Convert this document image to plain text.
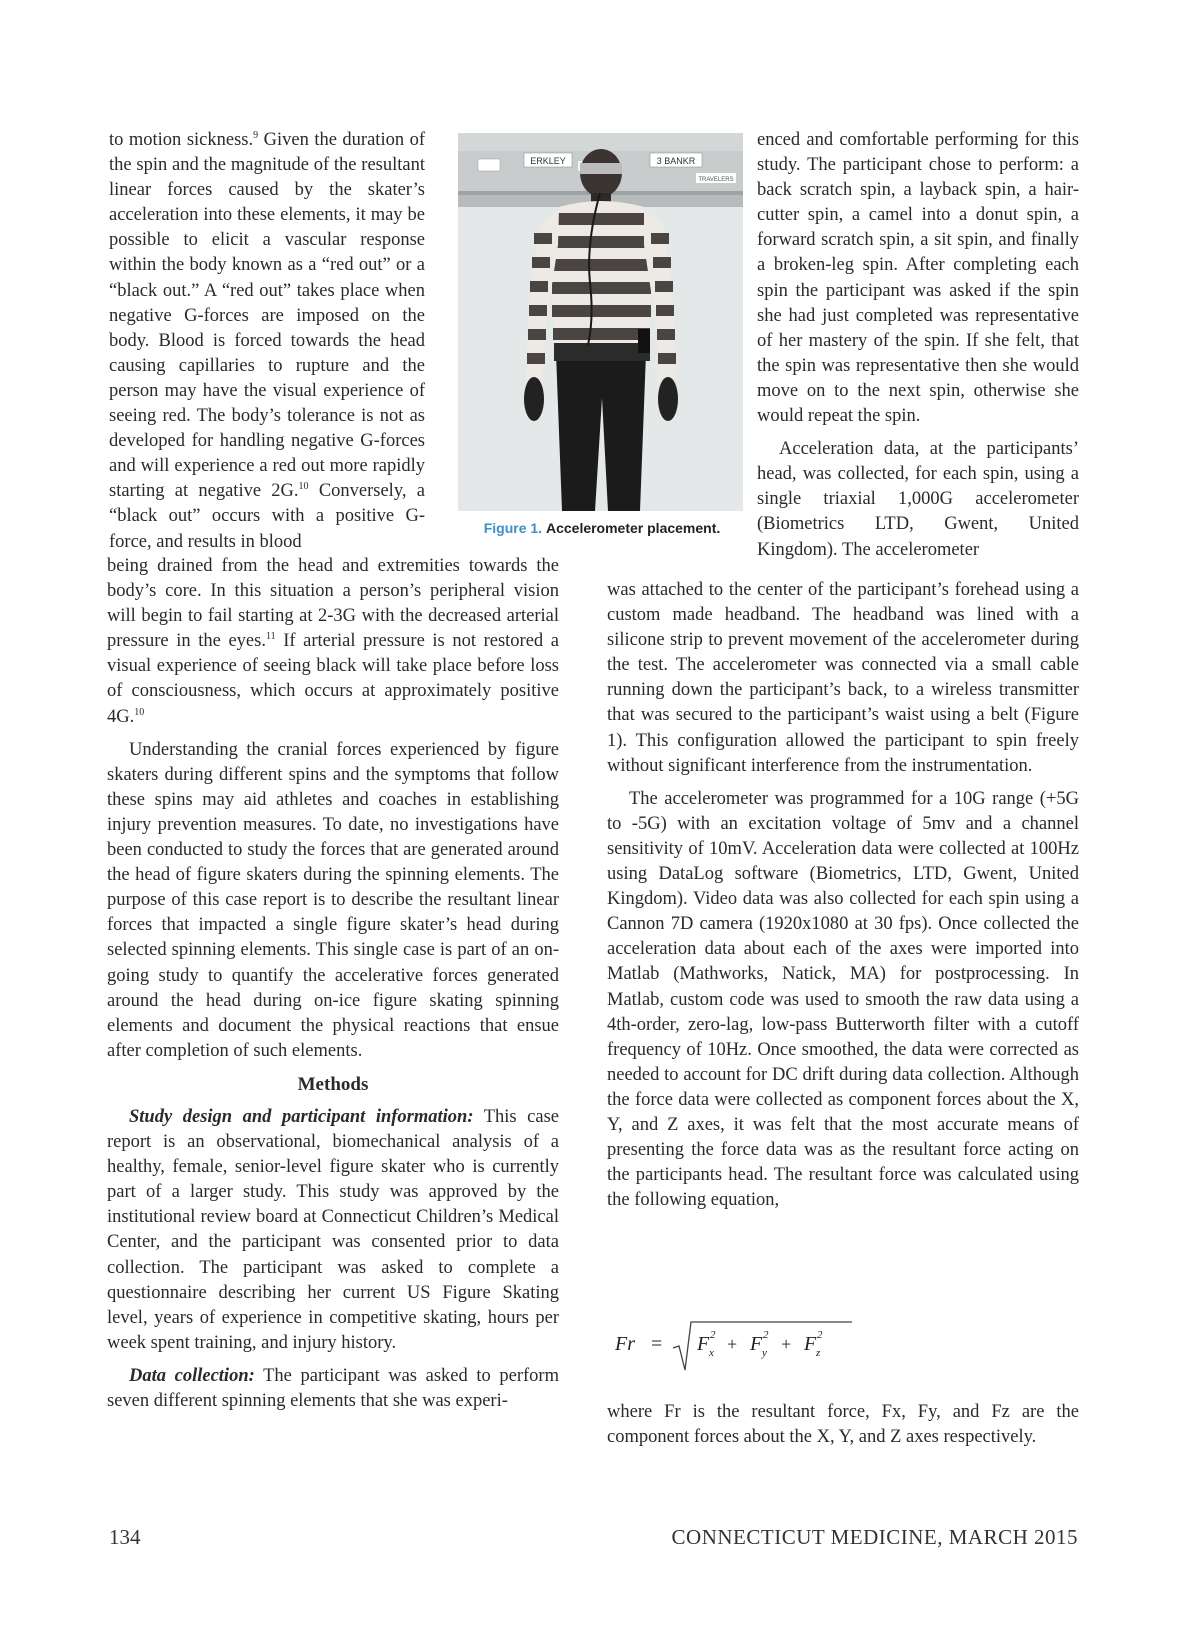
to motion sickness.$^9$ Given the duration of the spin and the magnitude of the resultant linear forces caused by the skater’s acceleration into these elements, it may be possible to elicit a vascular response within the body known as a “red out” or a “black out.” A “red out” takes place when negative G-forces are imposed on the body. Blood is forced towards the head causing capillaries to rupture and the person may have the visual experience of seeing red. The body’s tolerance is not as developed for handling negative G-forces and will experience a red out more rapidly starting at negative 2G.$^{10}$ Conversely, a “black out” occurs with a positive G-force, and results in blood

being drained from the head and extremities towards the body’s core. In this situation a person’s peripheral vision will begin to fail starting at 2-3G with the decreased arterial pressure in the eyes.$^{11}$ If arterial pressure is not restored a visual experience of seeing black will take place before loss of consciousness, which occurs at approximately positive 4G.$^{10}$

Understanding the cranial forces experienced by figure skaters during different spins and the symptoms that follow these spins may aid athletes and coaches in establishing injury prevention measures. To date, no investigations have been conducted to study the forces that are generated around the head of figure skaters during the spinning elements. The purpose of this case report is to describe the resultant linear forces that impacted a single figure skater’s head during selected spinning elements. This single case is part of an on-going study to quantify the accelerative forces generated around the head during on-ice figure skating spinning elements and document the physical reactions that ensue after completion of such elements.

Methods

Study design and participant information: This case report is an observational, biomechanical analysis of a healthy, female, senior-level figure skater who is currently part of a larger study. This study was approved by the institutional review board at Connecticut Children’s Medical Center, and the participant was consented prior to data collection. The participant was asked to complete a questionnaire describing her current US Figure Skating level, years of experience in competitive skating, hours per week spent training, and injury history.

Data collection: The participant was asked to perform seven different spinning elements that she was experi-

ERKLEY	3 BANKR
TRAVELERS
Figure 1. Accelerometer placement.

enced and comfortable performing for this study. The participant chose to perform: a back scratch spin, a layback spin, a hair-cutter spin, a camel into a donut spin, a forward scratch spin, a sit spin, and finally a broken-leg spin. After completing each spin the participant was asked if the spin she had just completed was representative of her mastery of the spin. If she felt, that the spin was representative then she would move on to the next spin, otherwise she would repeat the spin.

Acceleration data, at the participants’ head, was collected, for each spin, using a single triaxial 1,000G accelerometer (Biometrics LTD, Gwent, United Kingdom). The accelerometer

was attached to the center of the participant’s forehead using a custom made headband. The headband was lined with a silicone strip to prevent movement of the accelerometer during the test. The accelerometer was connected via a small cable running down the participant’s back, to a wireless transmitter that was secured to the participant’s waist using a belt (Figure 1). This configuration allowed the participant to spin freely without significant interference from the instrumentation.

The accelerometer was programmed for a 10G range (+5G to -5G) with an excitation voltage of 5mv and a channel sensitivity of 10mV. Acceleration data were collected at 100Hz using DataLog software (Biometrics, LTD, Gwent, United Kingdom). Video data was also collected for each spin using a Cannon 7D camera (1920x1080 at 30 fps). Once collected the acceleration data about each of the axes were imported into Matlab (Mathworks, Natick, MA) for postprocessing. In Matlab, custom code was used to smooth the raw data using a 4th-order, zero-lag, low-pass Butterworth filter with a cutoff frequency of 10Hz. Once smoothed, the data were corrected as needed to account for DC drift during data collection. Although the force data were collected as component forces about the X, Y, and Z axes, it was felt that the most accurate means of presenting the force data was as the resultant force acting on the participants head. The resultant force was calculated using the following equation,

Fr = F x
2 F y
2 F z
2
+ +

where Fr is the resultant force, Fx, Fy, and Fz are the component forces about the X, Y, and Z axes respectively.

134	CONNECTICUT MEDICINE, MARCH 2015
